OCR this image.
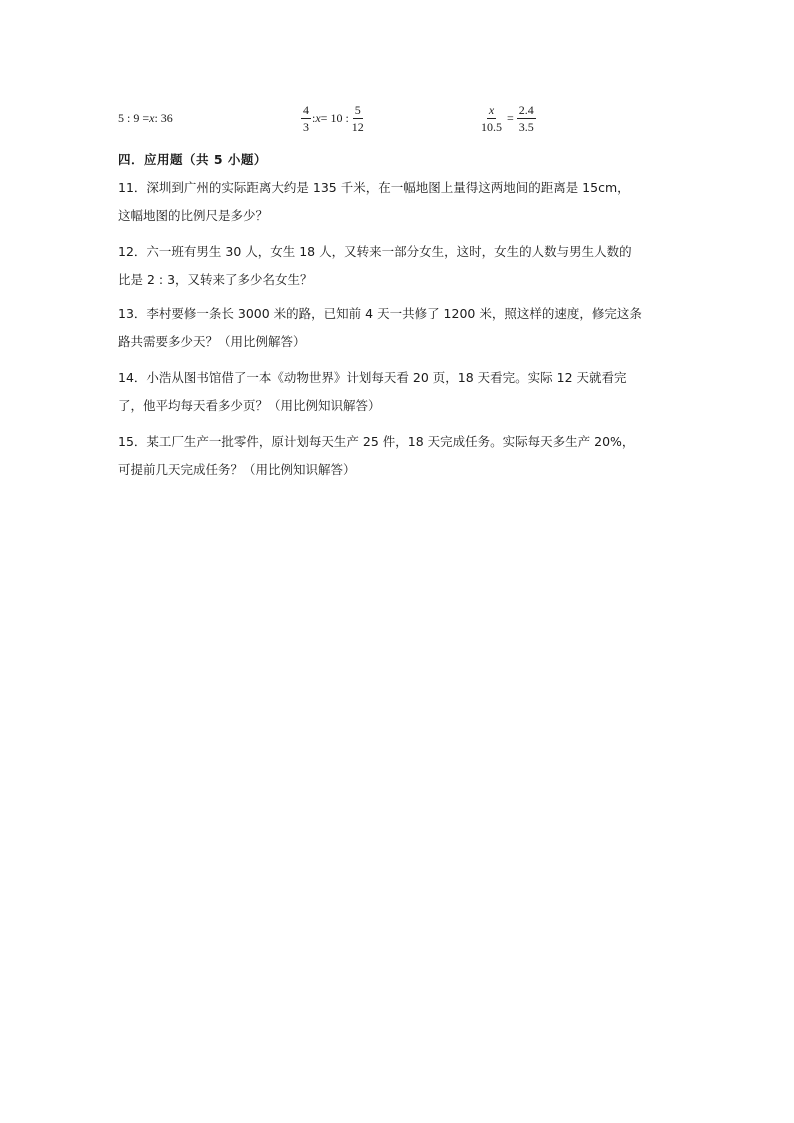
5 : 9 = x : 36	$\frac{4}{3}$ : x = 10 : $\frac{5}{12}$	$\frac{x}{10.5} = \frac{2.4}{3.5}$
四．应用题（共 5 小题）
11．深圳到广州的实际距离大约是 135 千米，在一幅地图上量得这两地间的距离是 15cm，
这幅地图的比例尺是多少？
12．六一班有男生 30 人，女生 18 人，又转来一部分女生，这时，女生的人数与男生人数的
比是 2 : 3，又转来了多少名女生？
13．李村要修一条长 3000 米的路，已知前 4 天一共修了 1200 米，照这样的速度，修完这条
路共需要多少天？（用比例解答）
14．小浩从图书馆借了一本《动物世界》计划每天看 20 页，18 天看完。实际 12 天就看完
了，他平均每天看多少页？（用比例知识解答）
15．某工厂生产一批零件，原计划每天生产 25 件，18 天完成任务。实际每天多生产 20%，
可提前几天完成任务？（用比例知识解答）
